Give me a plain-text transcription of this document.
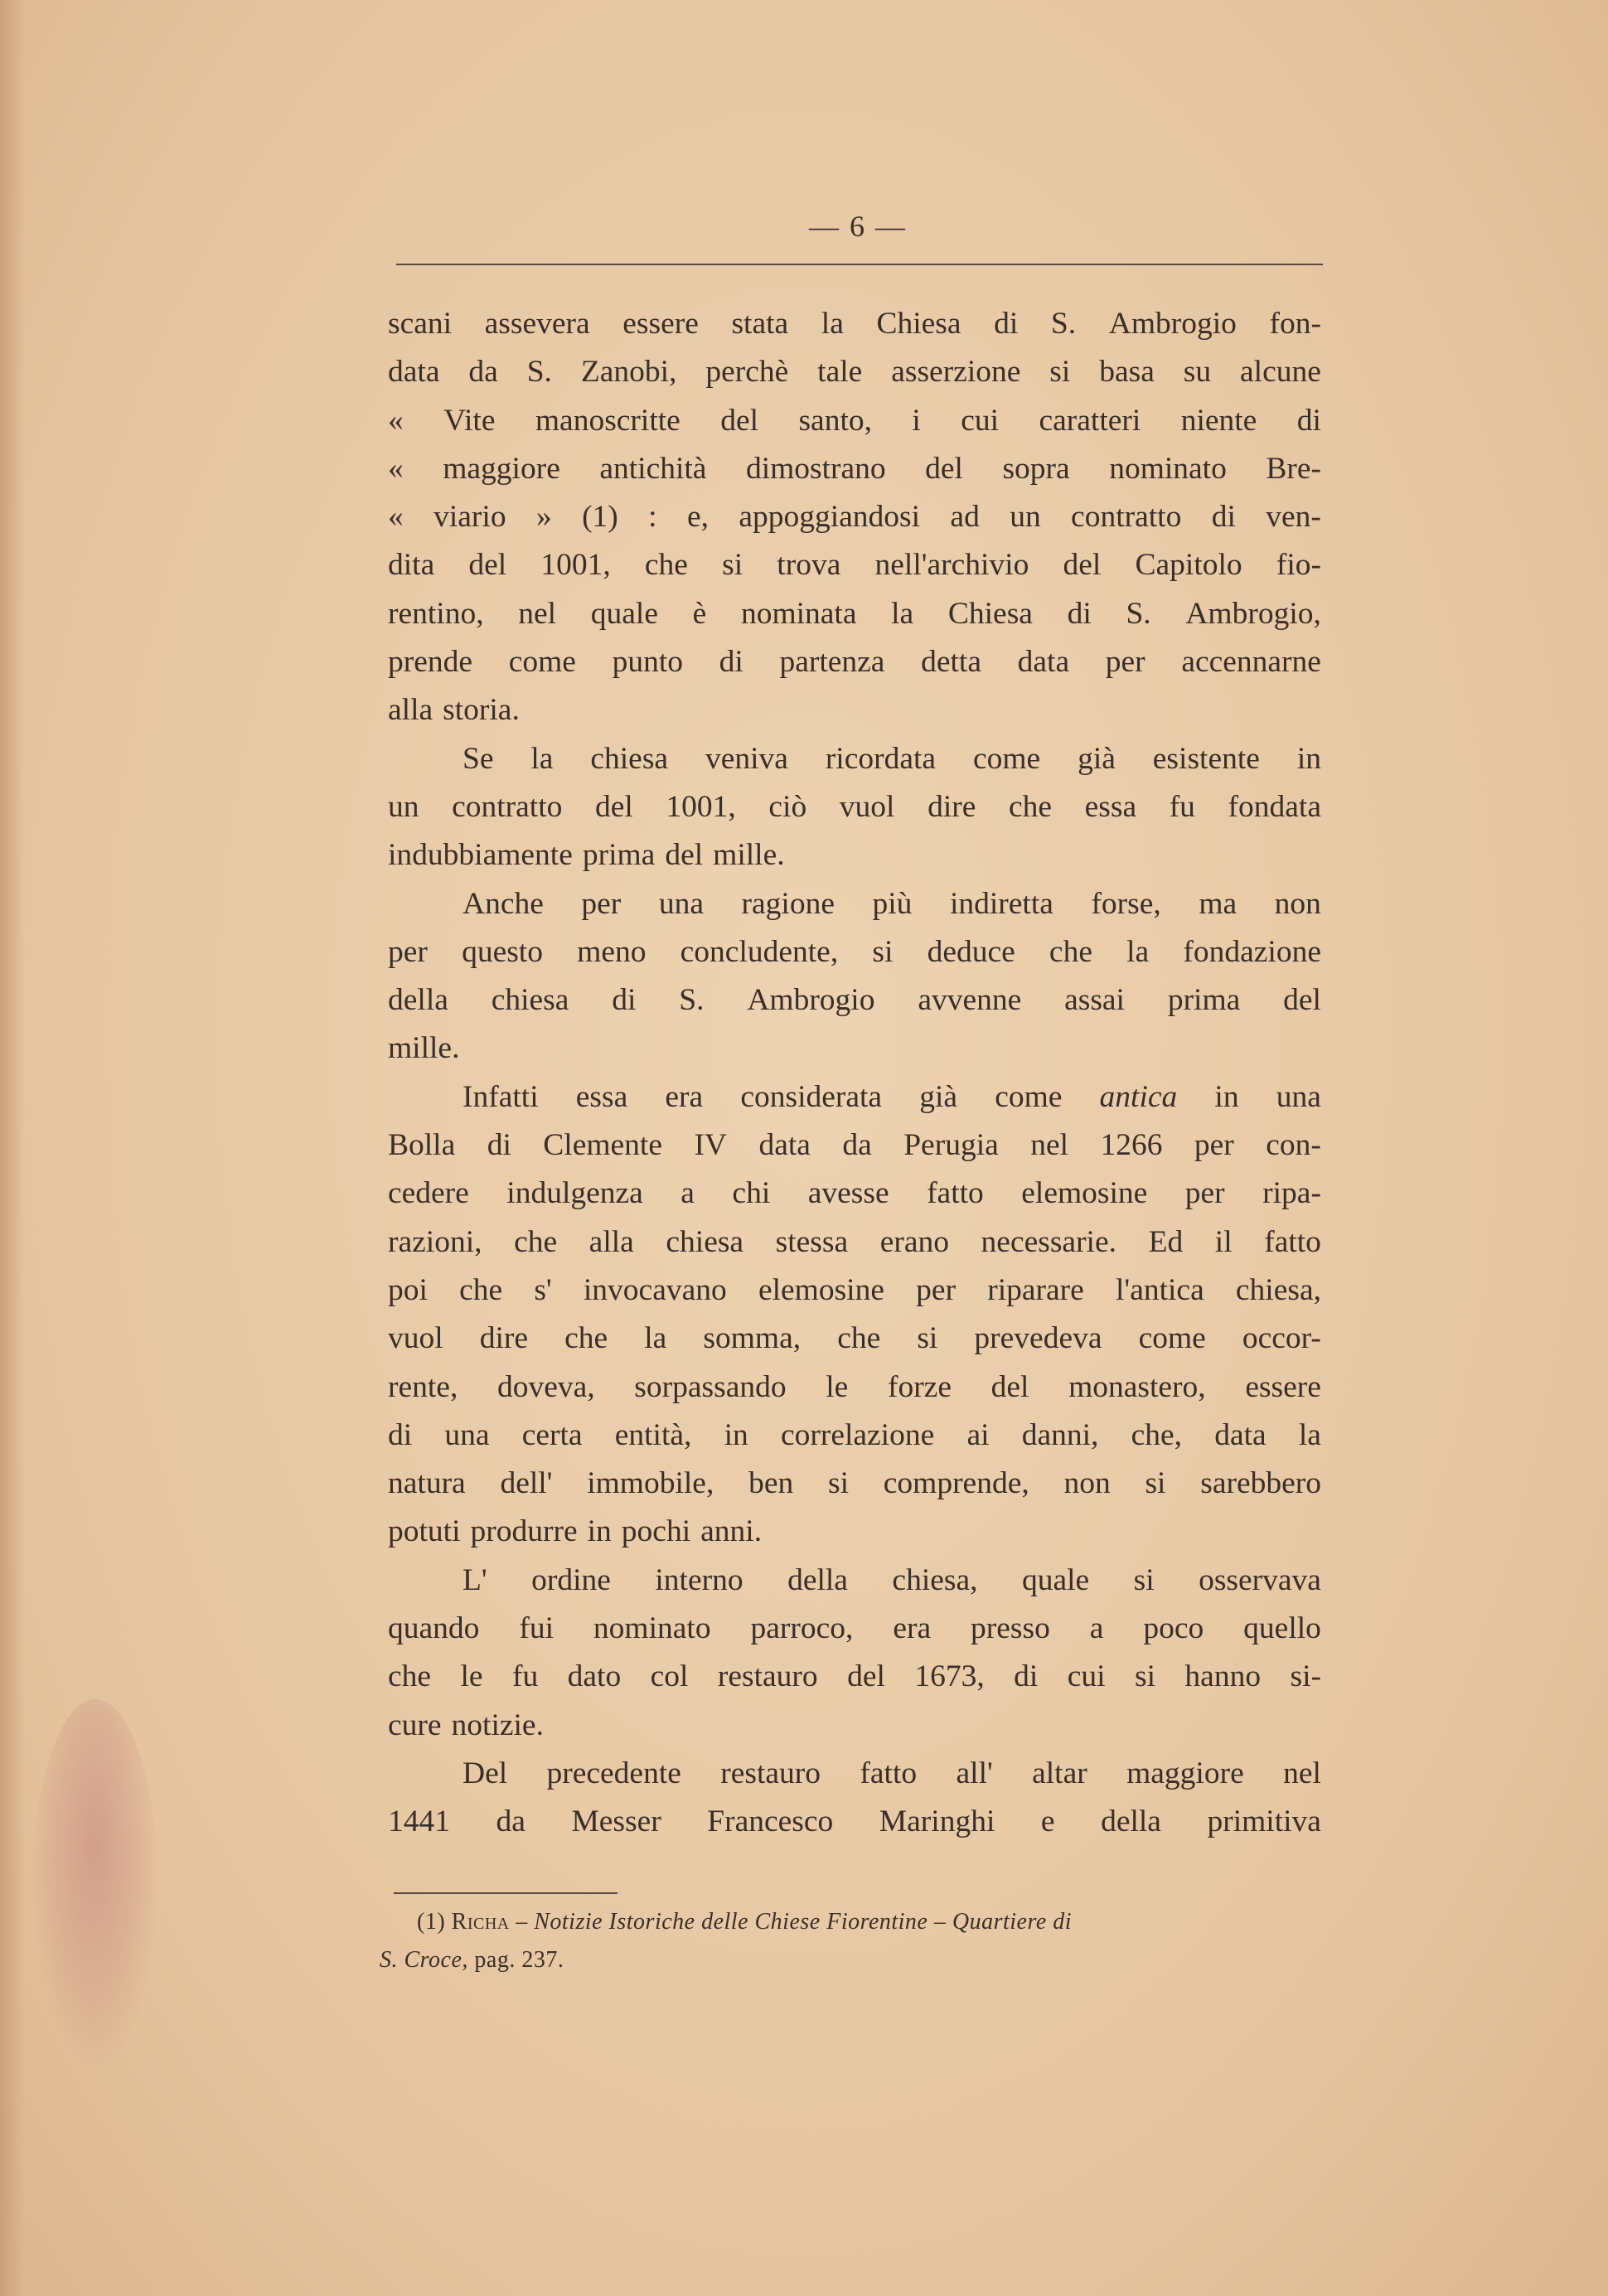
— 6 —
scani assevera essere stata la Chiesa di S. Ambrogio fon-
data da S. Zanobi, perchè tale asserzione si basa su alcune
« Vite manoscritte del santo, i cui caratteri niente di
« maggiore antichità dimostrano del sopra nominato Bre-
« viario » (1) : e, appoggiandosi ad un contratto di ven-
dita del 1001, che si trova nell'archivio del Capitolo fio-
rentino, nel quale è nominata la Chiesa di S. Ambrogio,
prende come punto di partenza detta data per accennarne
alla storia.
Se la chiesa veniva ricordata come già esistente in
un contratto del 1001, ciò vuol dire che essa fu fondata
indubbiamente prima del mille.
Anche per una ragione più indiretta forse, ma non
per questo meno concludente, si deduce che la fondazione
della chiesa di S. Ambrogio avvenne assai prima del
mille.
Infatti essa era considerata già come antica in una
Bolla di Clemente IV data da Perugia nel 1266 per con-
cedere indulgenza a chi avesse fatto elemosine per ripa-
razioni, che alla chiesa stessa erano necessarie. Ed il fatto
poi che s' invocavano elemosine per riparare l'antica chiesa,
vuol dire che la somma, che si prevedeva come occor-
rente, doveva, sorpassando le forze del monastero, essere
di una certa entità, in correlazione ai danni, che, data la
natura dell' immobile, ben si comprende, non si sarebbero
potuti produrre in pochi anni.
L' ordine interno della chiesa, quale si osservava
quando fui nominato parroco, era presso a poco quello
che le fu dato col restauro del 1673, di cui si hanno si-
cure notizie.
Del precedente restauro fatto all' altar maggiore nel
1441 da Messer Francesco Maringhi e della primitiva
(1) Richa – Notizie Istoriche delle Chiese Fiorentine – Quartiere di
S. Croce, pag. 237.
